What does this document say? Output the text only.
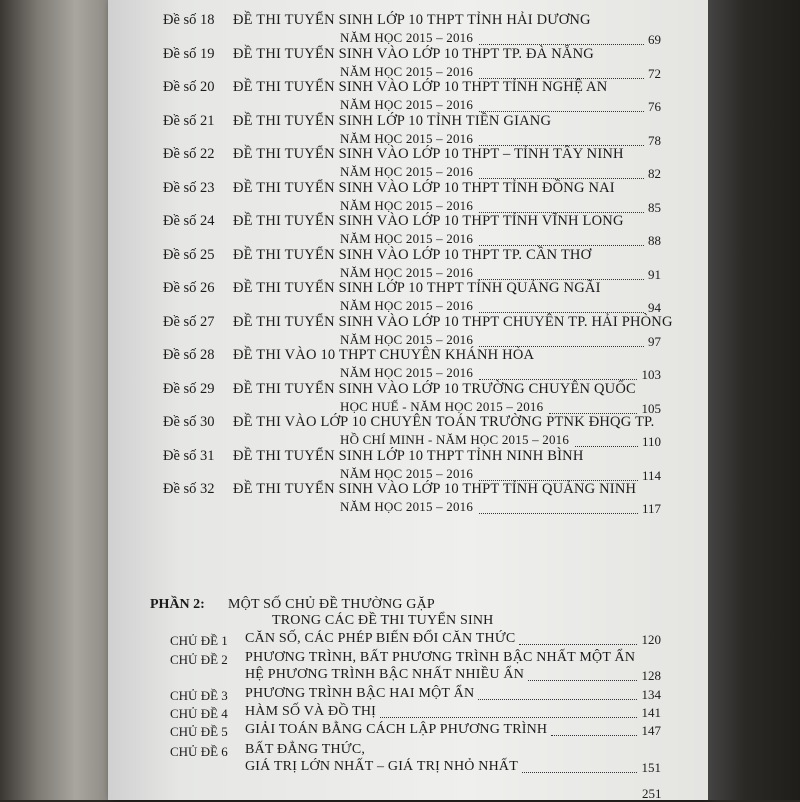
Đề số 18 ĐỀ THI TUYỂN SINH LỚP 10 THPT TỈNH HẢI DƯƠNG
NĂM HỌC 2015 – 2016	69
Đề số 19 ĐỀ THI TUYỂN SINH VÀO LỚP 10 THPT TP. ĐÀ NẴNG
NĂM HỌC 2015 – 2016	72
Đề số 20 ĐỀ THI TUYỂN SINH VÀO LỚP 10 THPT TỈNH NGHỆ AN
NĂM HỌC 2015 – 2016	76
Đề số 21 ĐỀ THI TUYỂN SINH LỚP 10 TỈNH TIỀN GIANG
NĂM HỌC 2015 – 2016	78
Đề số 22 ĐỀ THI TUYỂN SINH VÀO LỚP 10 THPT – TỈNH TÂY NINH
NĂM HỌC 2015 – 2016	82
Đề số 23 ĐỀ THI TUYỂN SINH VÀO LỚP 10 THPT TỈNH ĐỒNG NAI
NĂM HỌC 2015 – 2016	85
Đề số 24 ĐỀ THI TUYỂN SINH VÀO LỚP 10 THPT TỈNH VĨNH LONG
NĂM HỌC 2015 – 2016	88
Đề số 25 ĐỀ THI TUYỂN SINH VÀO LỚP 10 THPT TP. CẦN THƠ
NĂM HỌC 2015 – 2016	91
Đề số 26 ĐỀ THI TUYỂN SINH LỚP 10 THPT TỈNH QUẢNG NGÃI
NĂM HỌC 2015 – 2016	94
Đề số 27 ĐỀ THI TUYỂN SINH VÀO LỚP 10 THPT CHUYÊN TP. HẢI PHÒNG
NĂM HỌC 2015 – 2016	97
Đề số 28 ĐỀ THI VÀO 10 THPT CHUYÊN KHÁNH HÒA
NĂM HỌC 2015 – 2016	103
Đề số 29 ĐỀ THI TUYỂN SINH VÀO LỚP 10 TRƯỜNG CHUYÊN QUỐC
HỌC HUẾ - NĂM HỌC 2015 – 2016	105
Đề số 30 ĐỀ THI VÀO LỚP 10 CHUYÊN TOÁN TRƯỜNG PTNK ĐHQG TP.
HỒ CHÍ MINH - NĂM HỌC 2015 – 2016	110
Đề số 31 ĐỀ THI TUYỂN SINH LỚP 10 THPT TỈNH NINH BÌNH
NĂM HỌC 2015 – 2016	114
Đề số 32 ĐỀ THI TUYỂN SINH VÀO LỚP 10 THPT TỈNH QUẢNG NINH
NĂM HỌC 2015 – 2016	117
PHẦN 2: MỘT SỐ CHỦ ĐỀ THƯỜNG GẶP
TRONG CÁC ĐỀ THI TUYỂN SINH
CHỦ ĐỀ 1 CĂN SỐ, CÁC PHÉP BIẾN ĐỔI CĂN THỨC	120
CHỦ ĐỀ 2 PHƯƠNG TRÌNH, BẤT PHƯƠNG TRÌNH BẬC NHẤT MỘT ẨN
HỆ PHƯƠNG TRÌNH BẬC NHẤT NHIỀU ẨN	128
CHỦ ĐỀ 3 PHƯƠNG TRÌNH BẬC HAI MỘT ẨN	134
CHỦ ĐỀ 4 HÀM SỐ VÀ ĐỒ THỊ	141
CHỦ ĐỀ 5 GIẢI TOÁN BẰNG CÁCH LẬP PHƯƠNG TRÌNH	147
CHỦ ĐỀ 6 BẤT ĐẲNG THỨC,
GIÁ TRỊ LỚN NHẤT – GIÁ TRỊ NHỎ NHẤT	151
251
